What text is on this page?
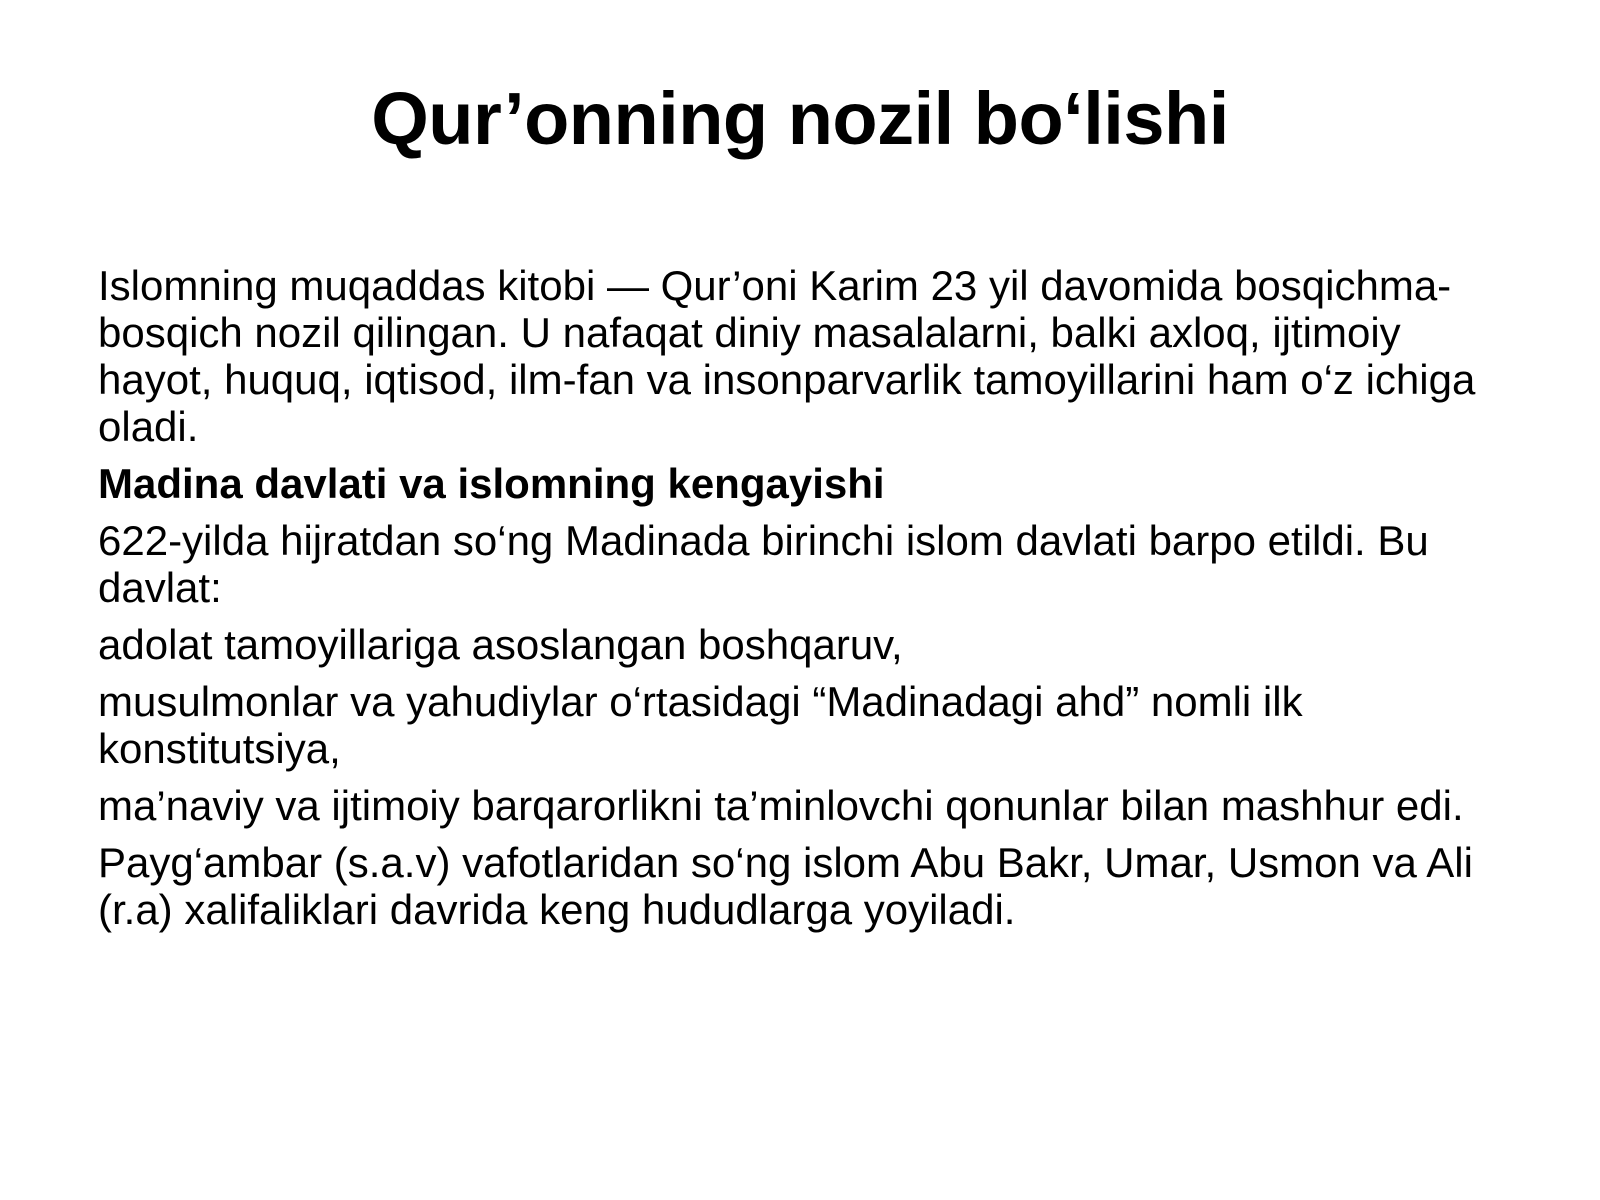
Qur’onning nozil bo‘lishi

Islomning muqaddas kitobi — Qur’oni Karim 23 yil davomida bosqichma-bosqich nozil qilingan. U nafaqat diniy masalalarni, balki axloq, ijtimoiy hayot, huquq, iqtisod, ilm-fan va insonparvarlik tamoyillarini ham o‘z ichiga oladi.

Madina davlati va islomning kengayishi

622-yilda hijratdan so‘ng Madinada birinchi islom davlati barpo etildi. Bu davlat:

adolat tamoyillariga asoslangan boshqaruv,

musulmonlar va yahudiylar o‘rtasidagi “Madinadagi ahd” nomli ilk konstitutsiya,

ma’naviy va ijtimoiy barqarorlikni ta’minlovchi qonunlar bilan mashhur edi.

Payg‘ambar (s.a.v) vafotlaridan so‘ng islom Abu Bakr, Umar, Usmon va Ali (r.a) xalifaliklari davrida keng hududlarga yoyiladi.
